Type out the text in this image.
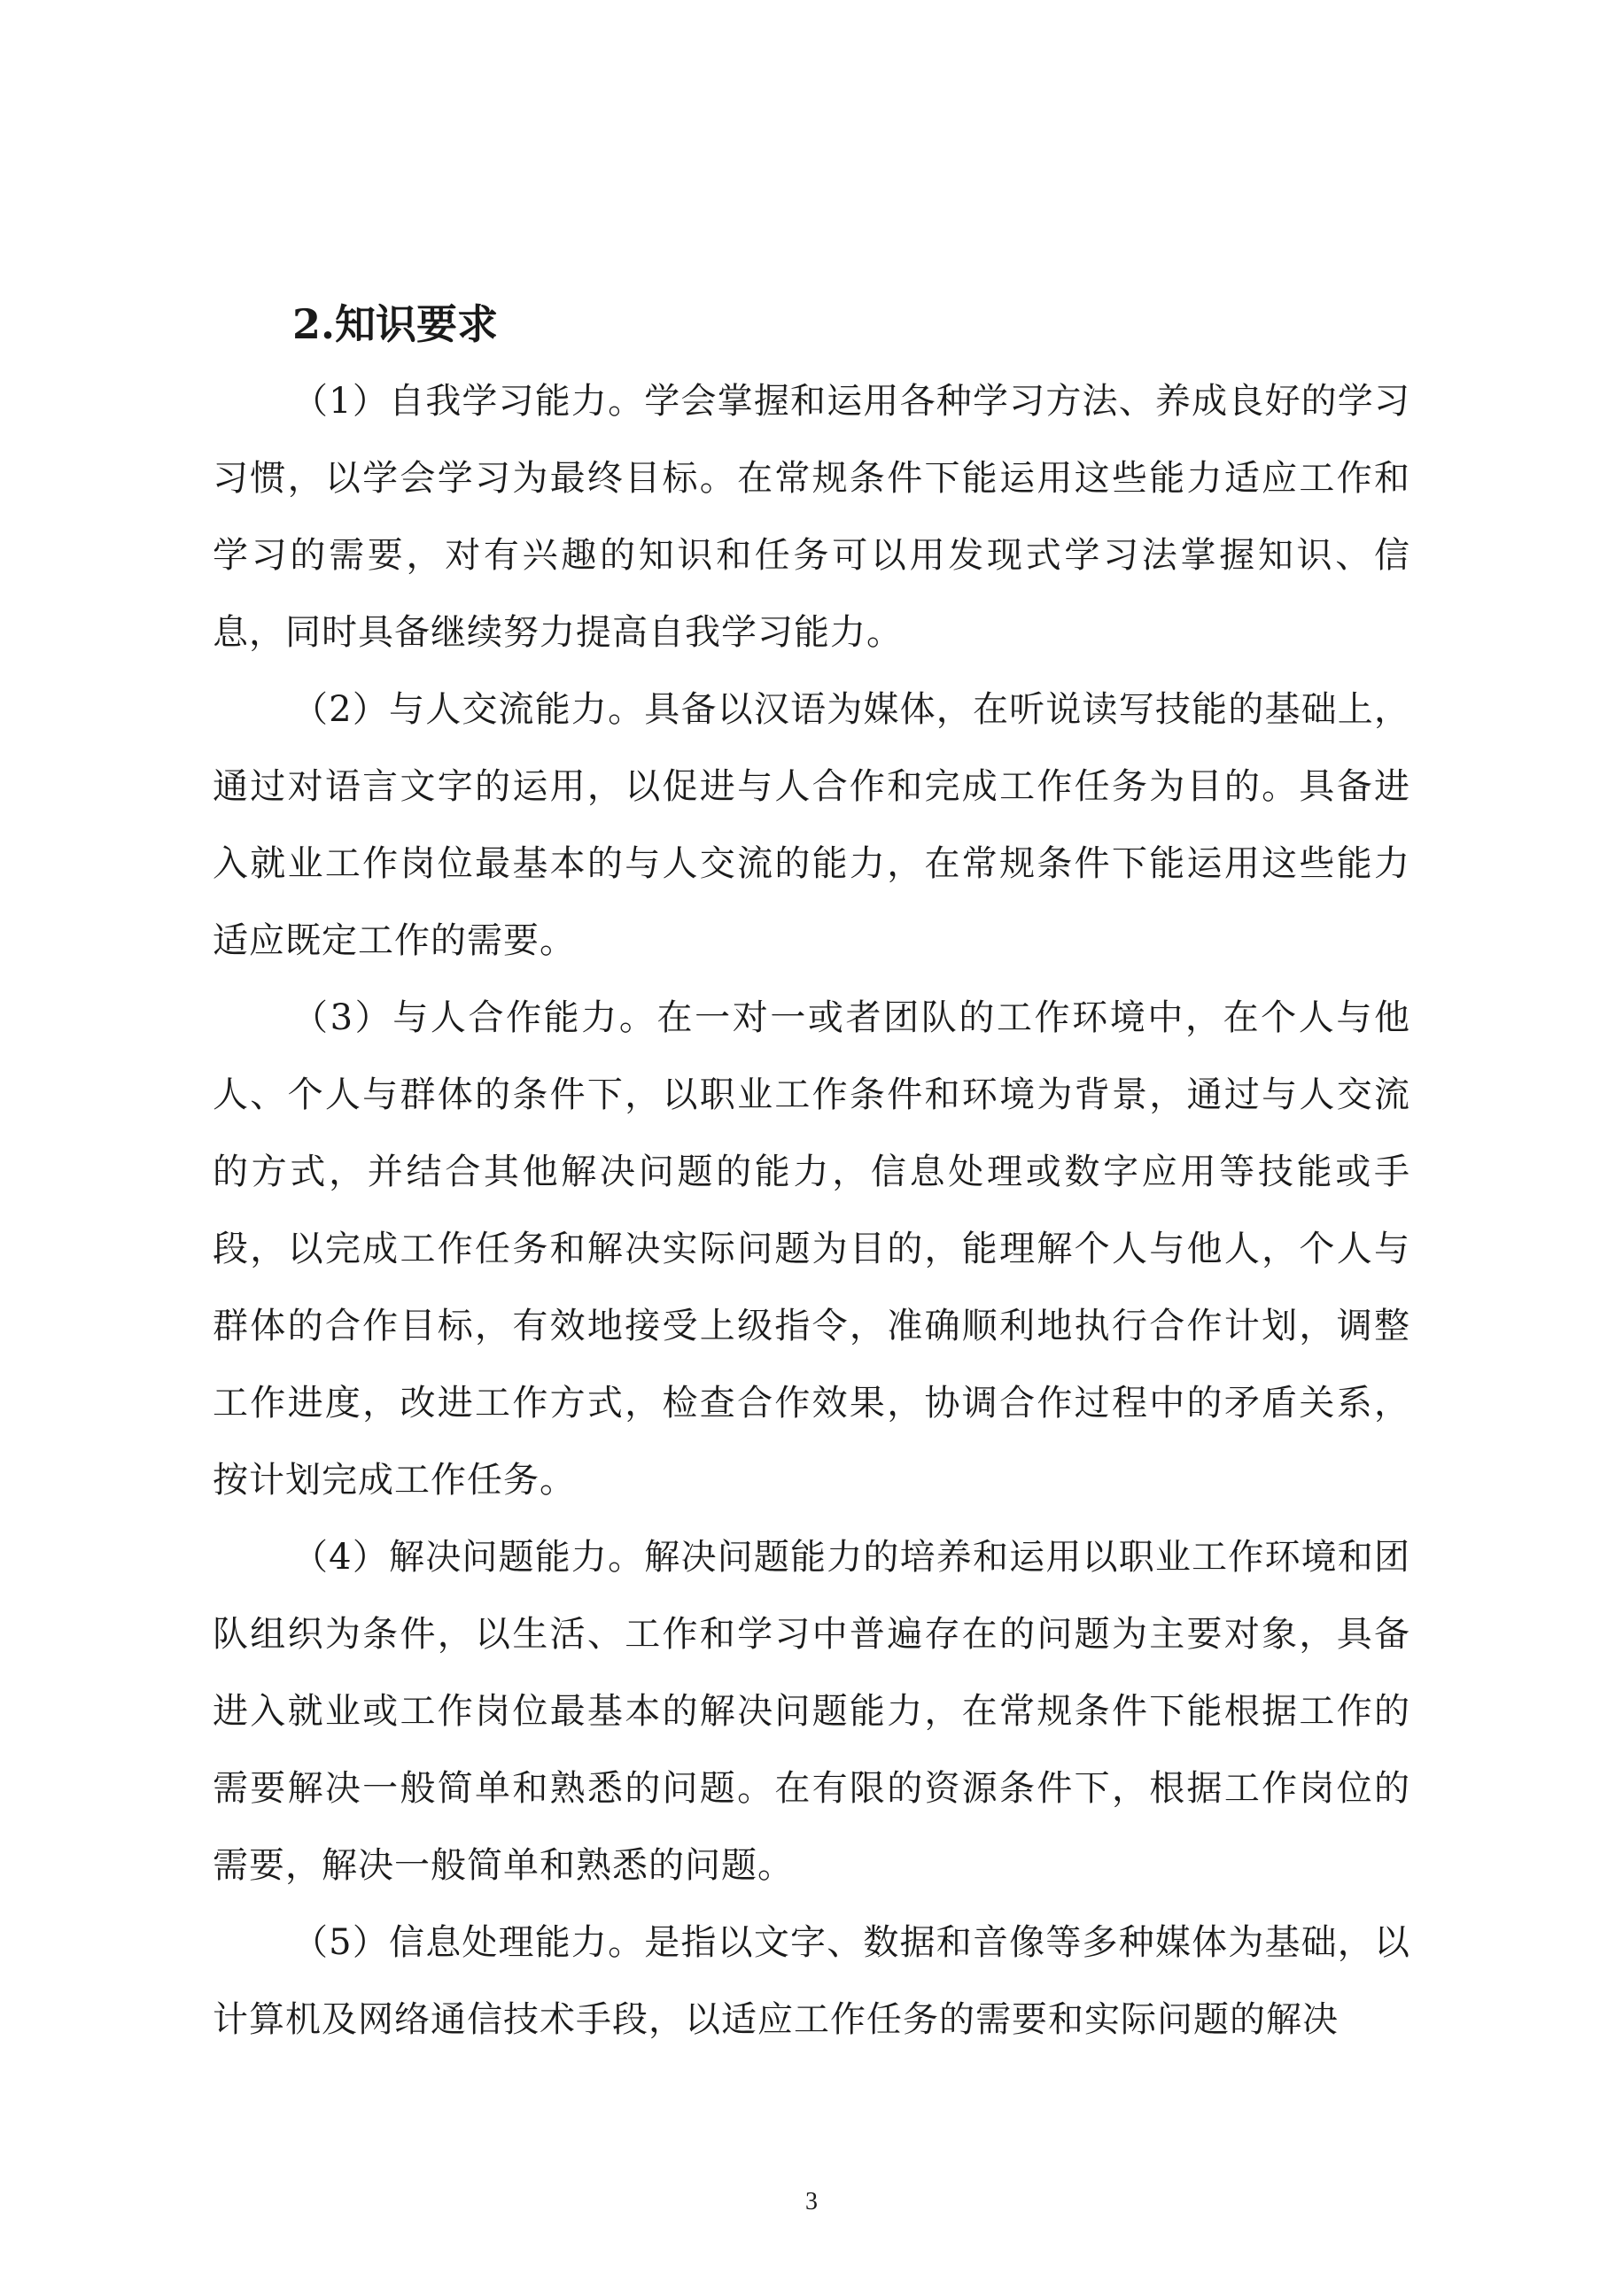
2.知识要求

（1）自我学习能力。学会掌握和运用各种学习方法、养成良好的学习习惯，以学会学习为最终目标。在常规条件下能运用这些能力适应工作和学习的需要，对有兴趣的知识和任务可以用发现式学习法掌握知识、信息，同时具备继续努力提高自我学习能力。

（2）与人交流能力。具备以汉语为媒体，在听说读写技能的基础上，通过对语言文字的运用，以促进与人合作和完成工作任务为目的。具备进入就业工作岗位最基本的与人交流的能力，在常规条件下能运用这些能力适应既定工作的需要。

（3）与人合作能力。在一对一或者团队的工作环境中，在个人与他人、个人与群体的条件下，以职业工作条件和环境为背景，通过与人交流的方式，并结合其他解决问题的能力，信息处理或数字应用等技能或手段，以完成工作任务和解决实际问题为目的，能理解个人与他人，个人与群体的合作目标，有效地接受上级指令，准确顺利地执行合作计划，调整工作进度，改进工作方式，检查合作效果，协调合作过程中的矛盾关系，按计划完成工作任务。

（4）解决问题能力。解决问题能力的培养和运用以职业工作环境和团队组织为条件，以生活、工作和学习中普遍存在的问题为主要对象，具备进入就业或工作岗位最基本的解决问题能力，在常规条件下能根据工作的需要解决一般简单和熟悉的问题。在有限的资源条件下，根据工作岗位的需要，解决一般简单和熟悉的问题。

（5）信息处理能力。是指以文字、数据和音像等多种媒体为基础，以计算机及网络通信技术手段，以适应工作任务的需要和实际问题的解决

3
